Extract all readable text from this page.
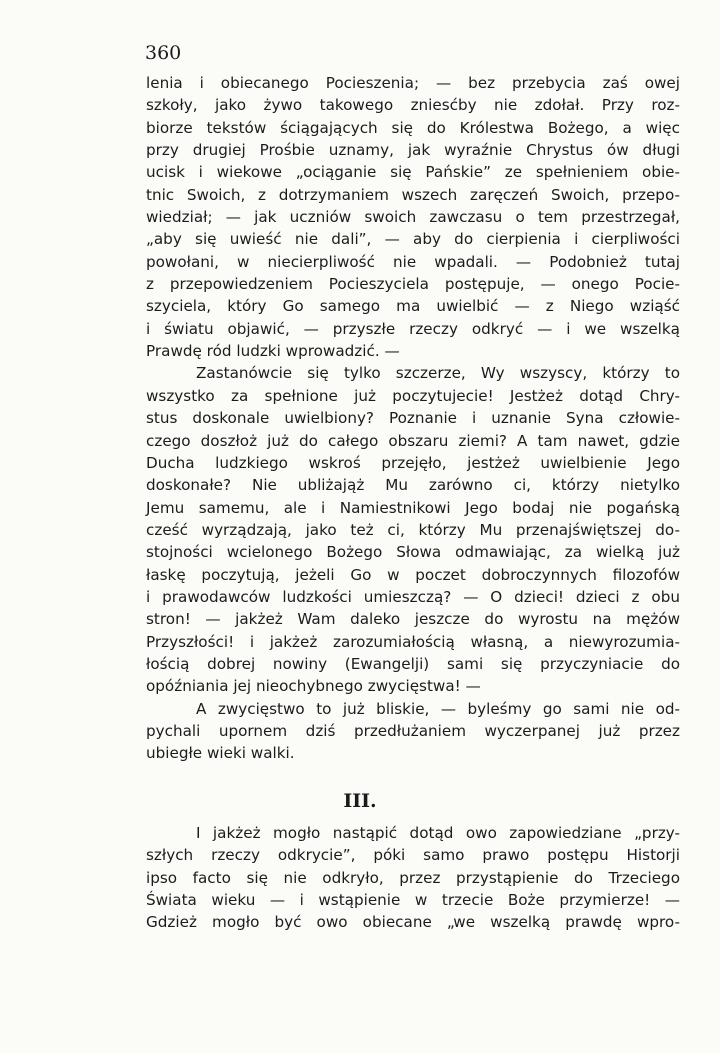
360
lenia i obiecanego Pocieszenia; — bez przebycia zaś owej
szkoły, jako żywo takowego zniesćby nie zdołał. Przy roz-
biorze tekstów ściągających się do Królestwa Bożego, a więc
przy drugiej Prośbie uznamy, jak wyraźnie Chrystus ów długi
ucisk i wiekowe „ociąganie się Pańskie” ze spełnieniem obie-
tnic Swoich, z dotrzymaniem wszech zaręczeń Swoich, przepo-
wiedział; — jak uczniów swoich zawczasu o tem przestrzegał,
„aby się uwieść nie dali”, — aby do cierpienia i cierpliwości
powołani, w niecierpliwość nie wpadali. — Podobnież tutaj
z przepowiedzeniem Pocieszyciela postępuje, — onego Pocie-
szyciela, który Go samego ma uwielbić — z Niego wziąść
i światu objawić, — przyszłe rzeczy odkryć — i we wszelką
Prawdę ród ludzki wprowadzić. —
Zastanówcie się tylko szczerze, Wy wszyscy, którzy to
wszystko za spełnione już poczytujecie! Jestżeż dotąd Chry-
stus doskonale uwielbiony? Poznanie i uznanie Syna człowie-
czego doszłoż już do całego obszaru ziemi? A tam nawet, gdzie
Ducha ludzkiego wskroś przejęło, jestżeż uwielbienie Jego
doskonałe? Nie ubliżająż Mu zarówno ci, którzy nietylko
Jemu samemu, ale i Namiestnikowi Jego bodaj nie pogańską
cześć wyrządzają, jako też ci, którzy Mu przenajświętszej do-
stojności wcielonego Bożego Słowa odmawiając, za wielką już
łaskę poczytują, jeżeli Go w poczet dobroczynnych filozofów
i prawodawców ludzkości umieszczą? — O dzieci! dzieci z obu
stron! — jakżeż Wam daleko jeszcze do wyrostu na mężów
Przyszłości! i jakżeż zarozumiałością własną, a niewyrozumia-
łością dobrej nowiny (Ewangelji) sami się przyczyniacie do
opóźniania jej nieochybnego zwycięstwa! —
A zwycięstwo to już bliskie, — byleśmy go sami nie od-
pychali upornem dziś przedłużaniem wyczerpanej już przez
ubiegłe wieki walki.
III.
I jakżeż mogło nastąpić dotąd owo zapowiedziane „przy-
szłych rzeczy odkrycie”, póki samo prawo postępu Historji
ipso facto się nie odkryło, przez przystąpienie do Trzeciego
Świata wieku — i wstąpienie w trzecie Boże przymierze! —
Gdzież mogło być owo obiecane „we wszelką prawdę wpro-
